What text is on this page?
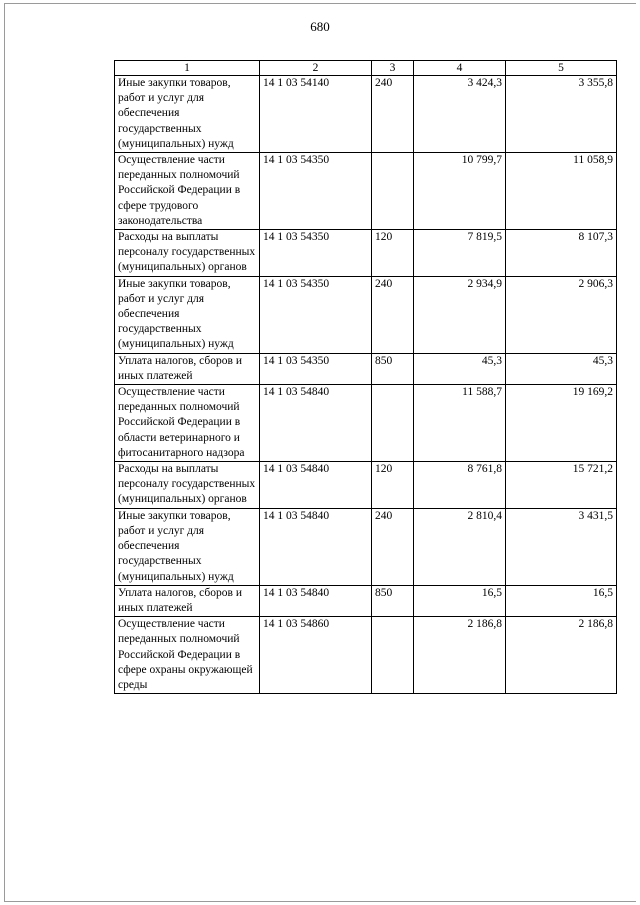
680
1	2	3	4	5
Иные закупки товаров, работ и услуг для обеспечения государственных (муниципальных) нужд	14 1 03 54140	240	3 424,3	3 355,8
Осуществление части переданных полномочий Российской Федерации в сфере трудового законодательства	14 1 03 54350		10 799,7	11 058,9
Расходы на выплаты персоналу государственных (муниципальных) органов	14 1 03 54350	120	7 819,5	8 107,3
Иные закупки товаров, работ и услуг для обеспечения государственных (муниципальных) нужд	14 1 03 54350	240	2 934,9	2 906,3
Уплата налогов, сборов и иных платежей	14 1 03 54350	850	45,3	45,3
Осуществление части переданных полномочий Российской Федерации в области ветеринарного и фитосанитарного надзора	14 1 03 54840		11 588,7	19 169,2
Расходы на выплаты персоналу государственных (муниципальных) органов	14 1 03 54840	120	8 761,8	15 721,2
Иные закупки товаров, работ и услуг для обеспечения государственных (муниципальных) нужд	14 1 03 54840	240	2 810,4	3 431,5
Уплата налогов, сборов и иных платежей	14 1 03 54840	850	16,5	16,5
Осуществление части переданных полномочий Российской Федерации в сфере охраны окружающей среды	14 1 03 54860		2 186,8	2 186,8
